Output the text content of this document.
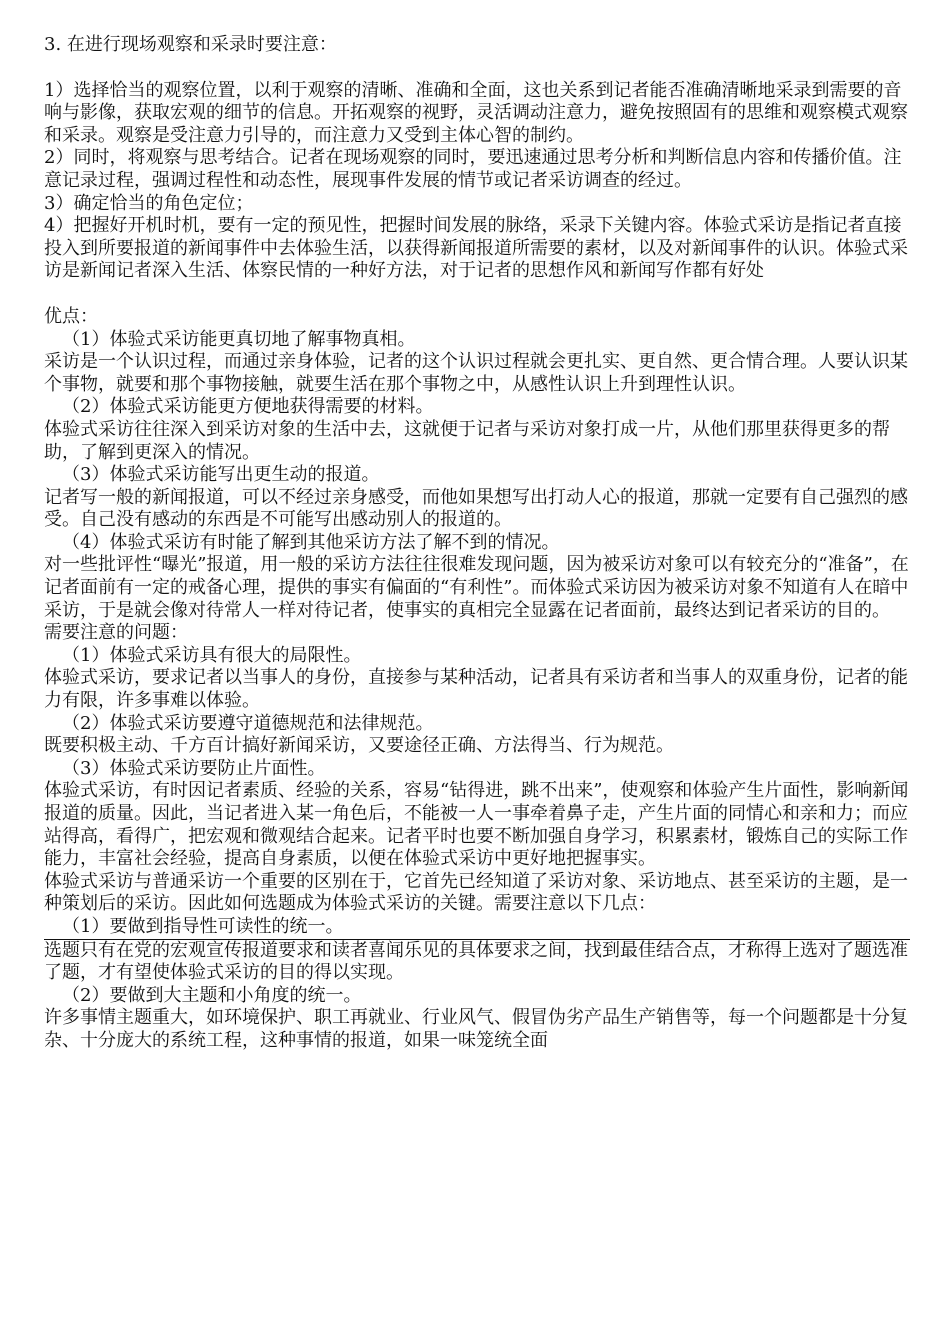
3. 在进行现场观察和采录时要注意：

1）选择恰当的观察位置，以利于观察的清晰、准确和全面，这也关系到记者能否准确清晰地采录到需要的音响与影像，获取宏观的细节的信息。开拓观察的视野，灵活调动注意力，避免按照固有的思维和观察模式观察和采录。观察是受注意力引导的，而注意力又受到主体心智的制约。

2）同时，将观察与思考结合。记者在现场观察的同时，要迅速通过思考分析和判断信息内容和传播价值。注意记录过程，强调过程性和动态性，展现事件发展的情节或记者采访调查的经过。

3）确定恰当的角色定位；

4）把握好开机时机，要有一定的预见性，把握时间发展的脉络，采录下关键内容。体验式采访是指记者直接投入到所要报道的新闻事件中去体验生活，以获得新闻报道所需要的素材，以及对新闻事件的认识。体验式采访是新闻记者深入生活、体察民情的一种好方法，对于记者的思想作风和新闻写作都有好处

优点：

（1）体验式采访能更真切地了解事物真相。

采访是一个认识过程，而通过亲身体验，记者的这个认识过程就会更扎实、更自然、更合情合理。人要认识某个事物，就要和那个事物接触，就要生活在那个事物之中，从感性认识上升到理性认识。

（2）体验式采访能更方便地获得需要的材料。

体验式采访往往深入到采访对象的生活中去，这就便于记者与采访对象打成一片，从他们那里获得更多的帮助，了解到更深入的情况。

（3）体验式采访能写出更生动的报道。

记者写一般的新闻报道，可以不经过亲身感受，而他如果想写出打动人心的报道，那就一定要有自己强烈的感受。自己没有感动的东西是不可能写出感动别人的报道的。

（4）体验式采访有时能了解到其他采访方法了解不到的情况。

对一些批评性“曝光”报道，用一般的采访方法往往很难发现问题，因为被采访对象可以有较充分的“准备”，在记者面前有一定的戒备心理，提供的事实有偏面的“有利性”。而体验式采访因为被采访对象不知道有人在暗中采访，于是就会像对待常人一样对待记者，使事实的真相完全显露在记者面前，最终达到记者采访的目的。

需要注意的问题：

（1）体验式采访具有很大的局限性。

体验式采访，要求记者以当事人的身份，直接参与某种活动，记者具有采访者和当事人的双重身份，记者的能力有限，许多事难以体验。

（2）体验式采访要遵守道德规范和法律规范。

既要积极主动、千方百计搞好新闻采访，又要途径正确、方法得当、行为规范。

（3）体验式采访要防止片面性。

体验式采访，有时因记者素质、经验的关系，容易“钻得进，跳不出来”，使观察和体验产生片面性，影响新闻报道的质量。因此，当记者进入某一角色后，不能被一人一事牵着鼻子走，产生片面的同情心和亲和力；而应站得高，看得广，把宏观和微观结合起来。记者平时也要不断加强自身学习，积累素材，锻炼自己的实际工作能力，丰富社会经验，提高自身素质，以便在体验式采访中更好地把握事实。

体验式采访与普通采访一个重要的区别在于，它首先已经知道了采访对象、采访地点、甚至采访的主题，是一种策划后的采访。因此如何选题成为体验式采访的关键。需要注意以下几点：

（1）要做到指导性可读性的统一。

选题只有在党的宏观宣传报道要求和读者喜闻乐见的具体要求之间，找到最佳结合点，才称得上选对了题选准了题，才有望使体验式采访的目的得以实现。

（2）要做到大主题和小角度的统一。

许多事情主题重大，如环境保护、职工再就业、行业风气、假冒伪劣产品生产销售等，每一个问题都是十分复杂、十分庞大的系统工程，这种事情的报道，如果一味笼统全面
